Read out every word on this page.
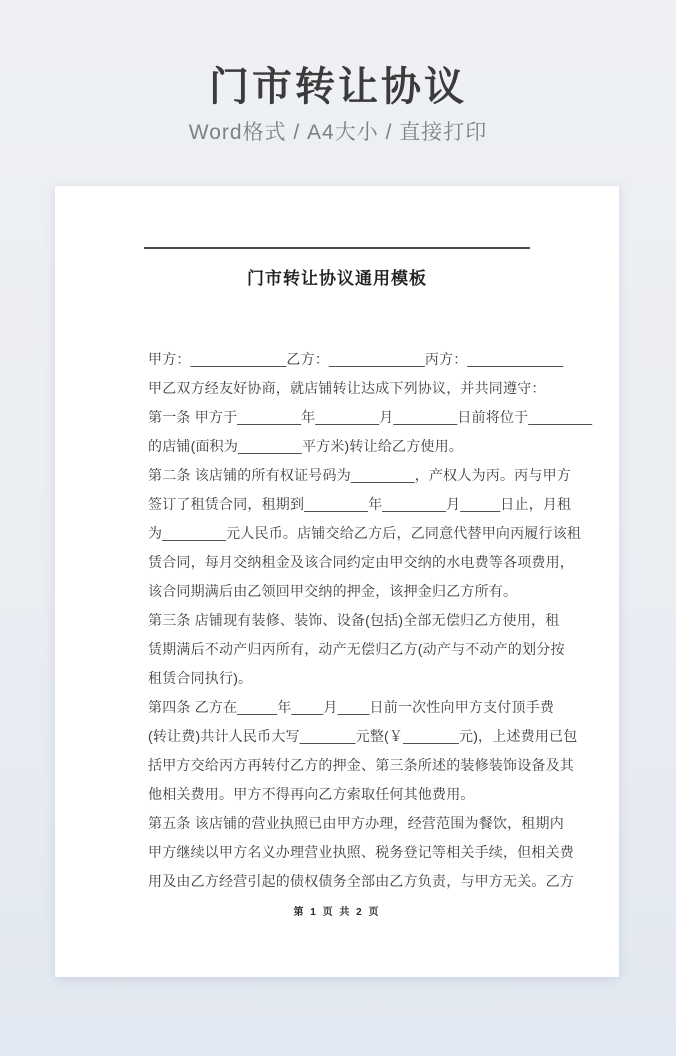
门市转让协议
Word格式 / A4大小 / 直接打印
门市转让协议通用模板
甲方：____________乙方：____________丙方：____________
甲乙双方经友好协商，就店铺转让达成下列协议，并共同遵守：
第一条 甲方于________年________月________日前将位于________
的店铺(面积为________平方米)转让给乙方使用。
第二条 该店铺的所有权证号码为________，产权人为丙。丙与甲方
签订了租赁合同，租期到________年________月_____日止，月租
为________元人民币。店铺交给乙方后，乙同意代替甲向丙履行该租
赁合同，每月交纳租金及该合同约定由甲交纳的水电费等各项费用，
该合同期满后由乙领回甲交纳的押金，该押金归乙方所有。
第三条 店铺现有装修、装饰、设备(包括)全部无偿归乙方使用，租
赁期满后不动产归丙所有，动产无偿归乙方(动产与不动产的划分按
租赁合同执行)。
第四条 乙方在_____年____月____日前一次性向甲方支付顶手费
(转让费)共计人民币大写_______元整(￥_______元)，上述费用已包
括甲方交给丙方再转付乙方的押金、第三条所述的装修装饰设备及其
他相关费用。甲方不得再向乙方索取任何其他费用。
第五条 该店铺的营业执照已由甲方办理，经营范围为餐饮，租期内
甲方继续以甲方名义办理营业执照、税务登记等相关手续，但相关费
用及由乙方经营引起的债权债务全部由乙方负责，与甲方无关。乙方
第 1 页 共 2 页
